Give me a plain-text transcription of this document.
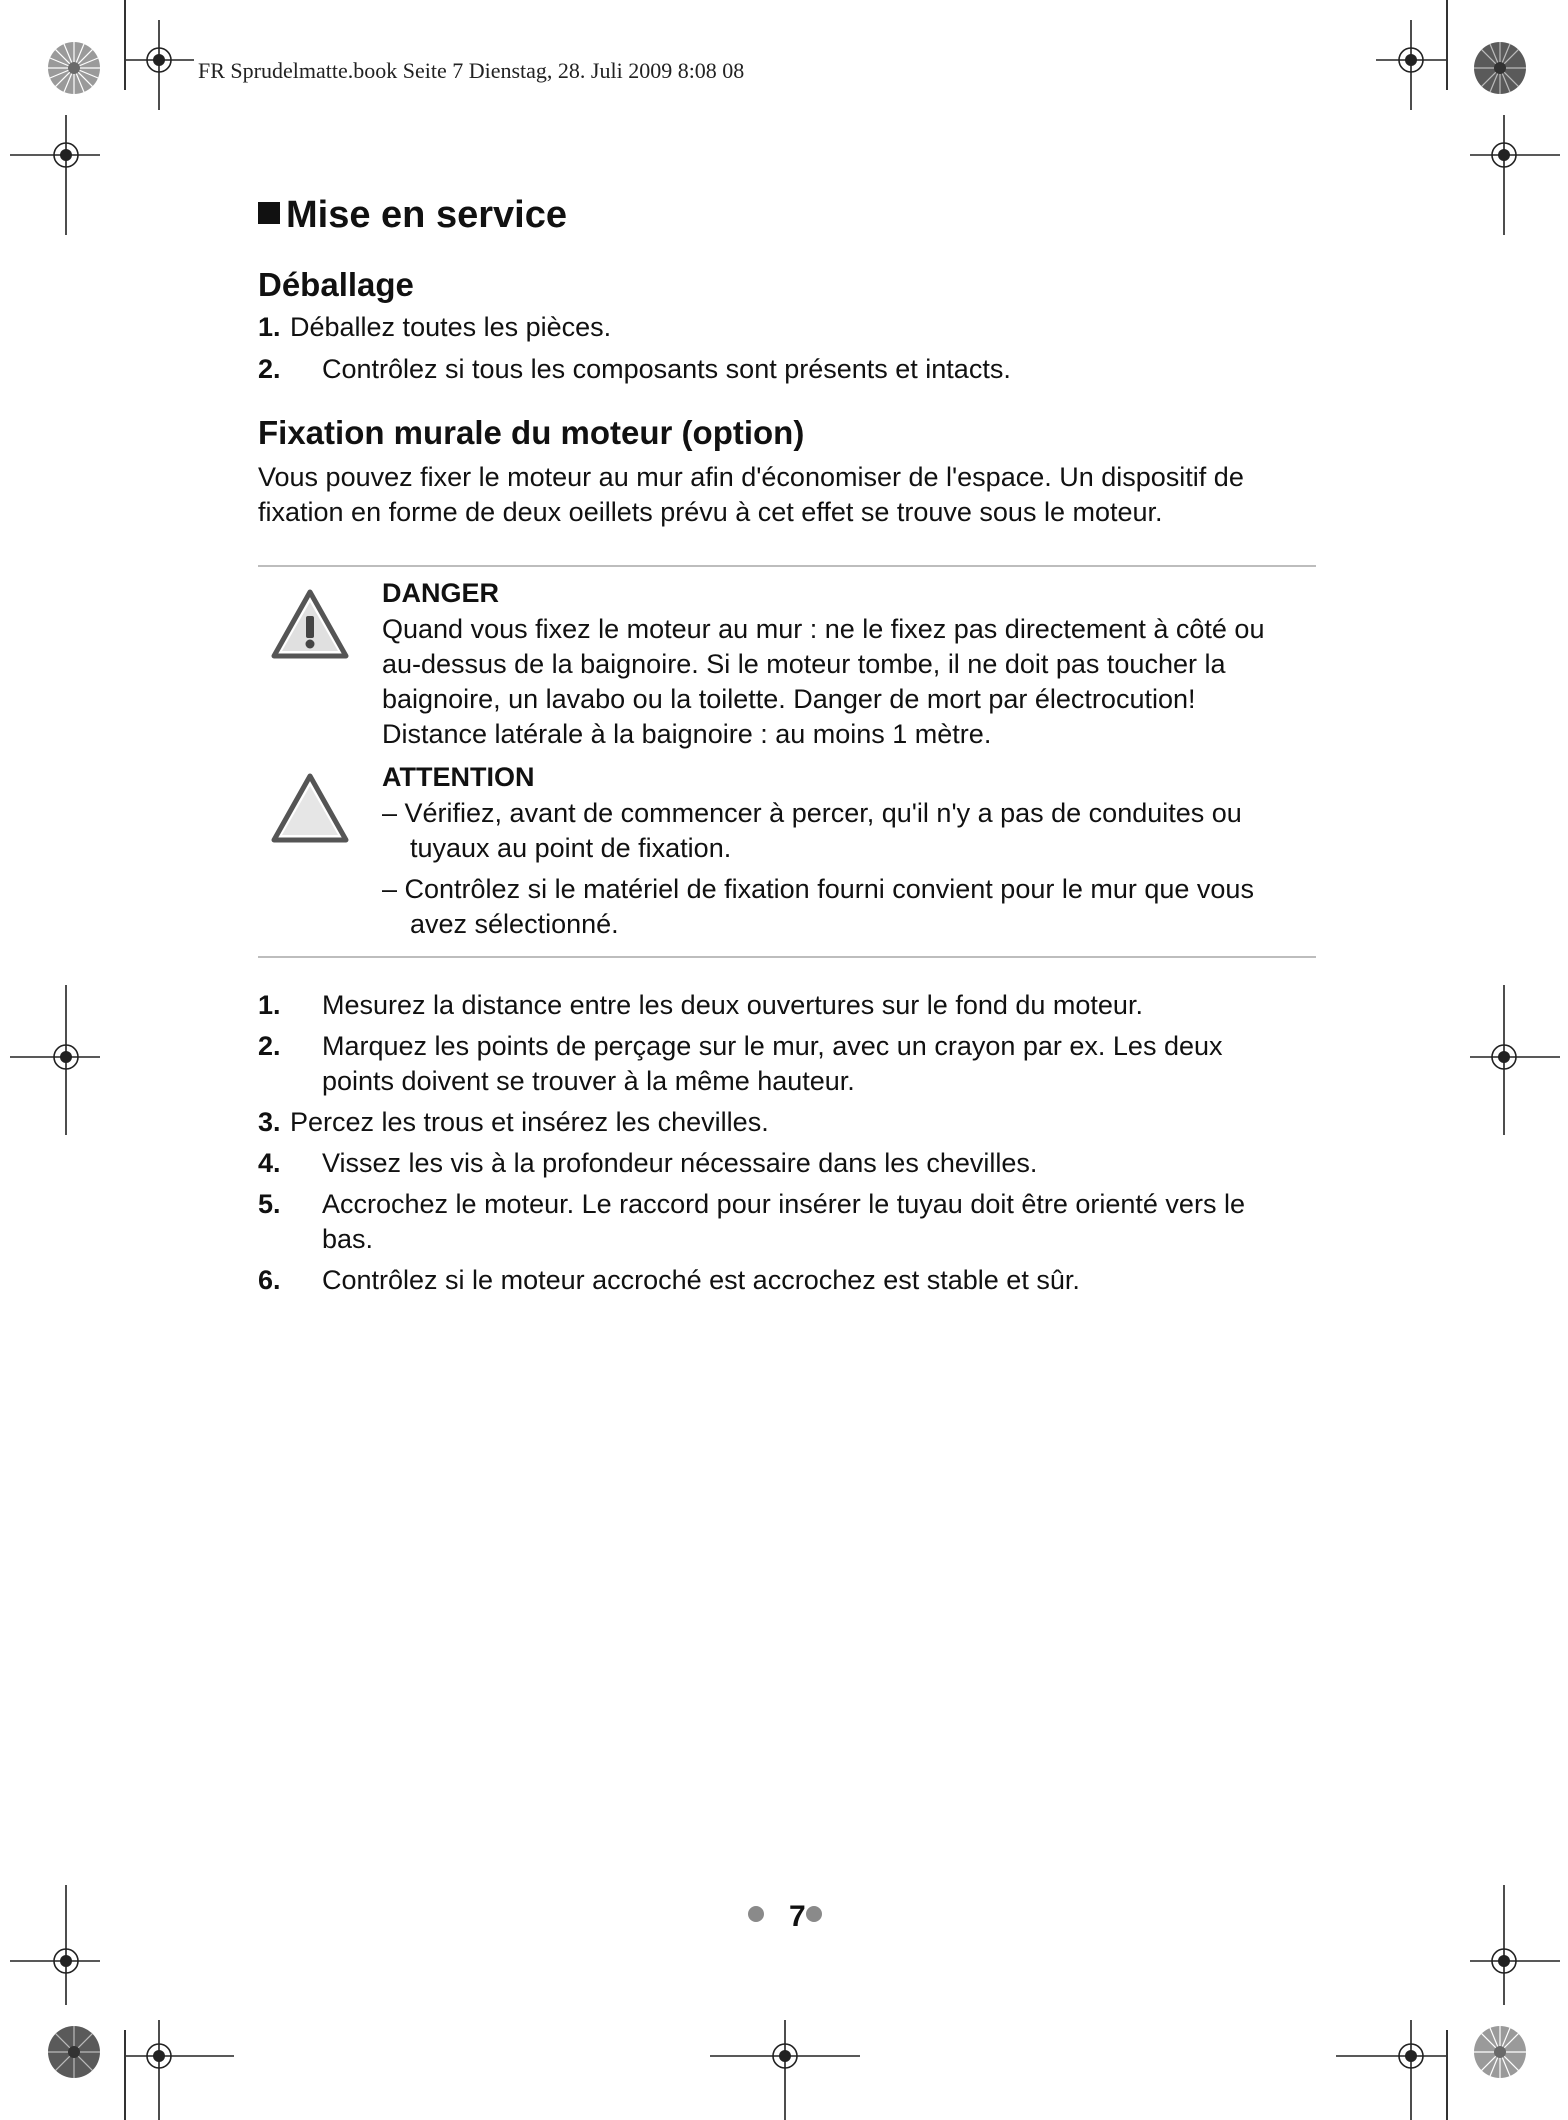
FR Sprudelmatte.book Seite 7 Dienstag, 28. Juli 2009 8:08 08
Mise en service
Déballage
1. Déballez toutes les pièces.
2. Contrôlez si tous les composants sont présents et intacts.
Fixation murale du moteur (option)
Vous pouvez fixer le moteur au mur afin d'économiser de l'espace. Un dispositif de
fixation en forme de deux oeillets prévu à cet effet se trouve sous le moteur.
DANGER
Quand vous fixez le moteur au mur : ne le fixez pas directement à côté ou
au-dessus de la baignoire. Si le moteur tombe, il ne doit pas toucher la
baignoire, un lavabo ou la toilette. Danger de mort par électrocution!
Distance latérale à la baignoire : au moins 1 mètre.
ATTENTION
– Vérifiez, avant de commencer à percer, qu'il n'y a pas de conduites ou
tuyaux au point de fixation.
– Contrôlez si le matériel de fixation fourni convient pour le mur que vous
avez sélectionné.
1. Mesurez la distance entre les deux ouvertures sur le fond du moteur.
2. Marquez les points de perçage sur le mur, avec un crayon par ex. Les deux
points doivent se trouver à la même hauteur.
3. Percez les trous et insérez les chevilles.
4. Vissez les vis à la profondeur nécessaire dans les chevilles.
5. Accrochez le moteur. Le raccord pour insérer le tuyau doit être orienté vers le
bas.
6. Contrôlez si le moteur accroché est accrochez est stable et sûr.
7
